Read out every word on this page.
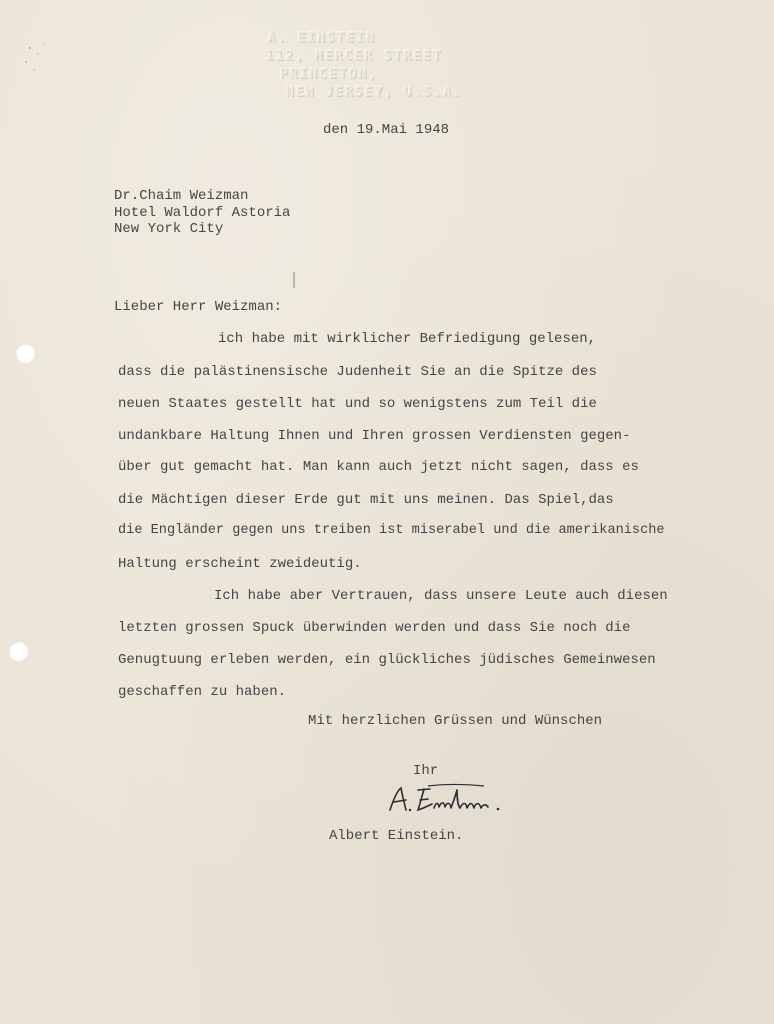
A. EINSTEIN
112, MERCER STREET
PRINCETON,
NEW JERSEY, U.S.A.
den 19.Mai 1948
Dr.Chaim Weizman
Hotel Waldorf Astoria
New York City
Lieber Herr Weizman:
ich habe mit wirklicher Befriedigung gelesen,
dass die palästinensische Judenheit Sie an die Spitze des
neuen Staates gestellt hat und so wenigstens zum Teil die
undankbare Haltung Ihnen und Ihren grossen Verdiensten gegen-
über gut gemacht hat. Man kann auch jetzt nicht sagen, dass es
die Mächtigen dieser Erde gut mit uns meinen. Das Spiel,das
die Engländer gegen uns treiben ist miserabel und die amerikanische
Haltung erscheint zweideutig.
Ich habe aber Vertrauen, dass unsere Leute auch diesen
letzten grossen Spuck überwinden werden und dass Sie noch die
Genugtuung erleben werden, ein glückliches jüdisches Gemeinwesen
geschaffen zu haben.
Mit herzlichen Grüssen und Wünschen
Ihr
Albert Einstein.
